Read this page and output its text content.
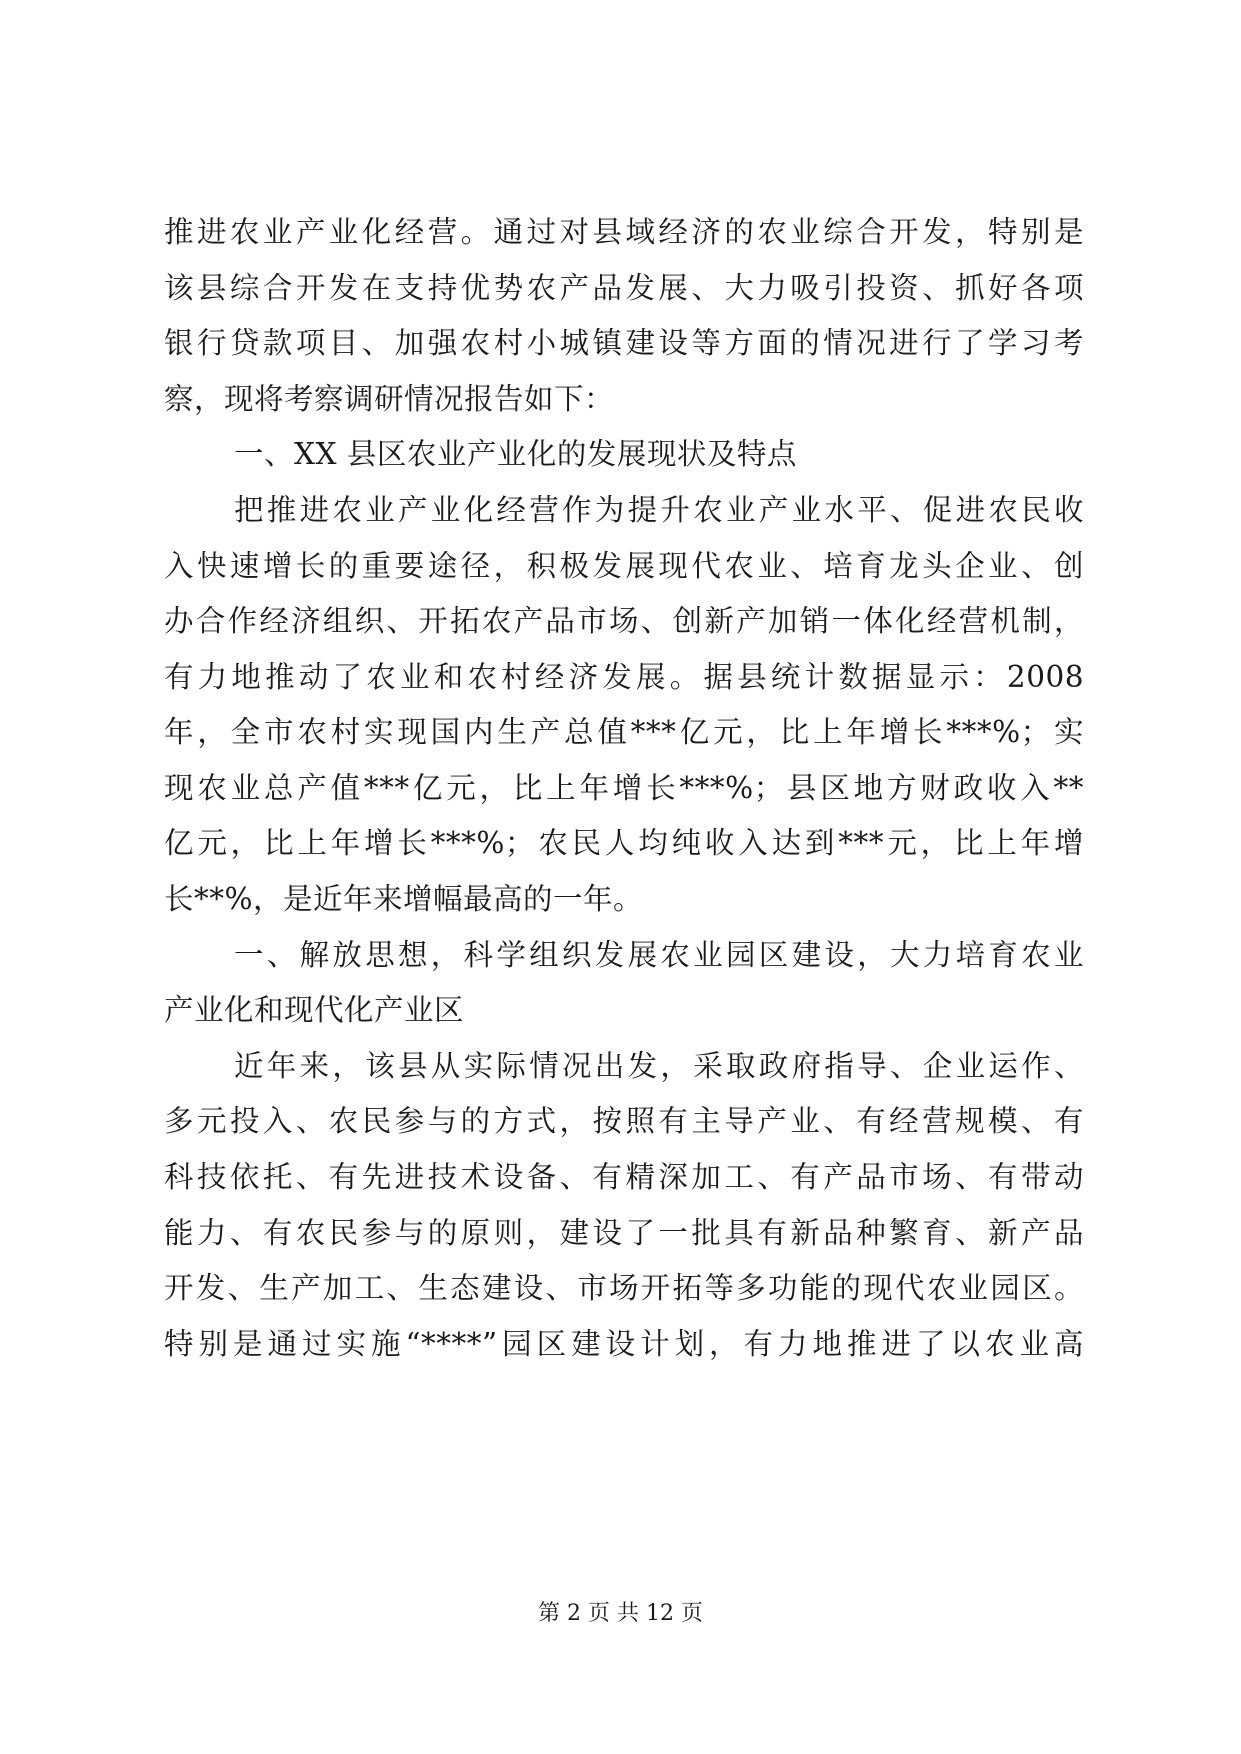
推进农业产业化经营。通过对县域经济的农业综合开发，特别是
该县综合开发在支持优势农产品发展、大力吸引投资、抓好各项
银行贷款项目、加强农村小城镇建设等方面的情况进行了学习考
察，现将考察调研情况报告如下：
一、XX 县区农业产业化的发展现状及特点
把推进农业产业化经营作为提升农业产业水平、促进农民收
入快速增长的重要途径，积极发展现代农业、培育龙头企业、创
办合作经济组织、开拓农产品市场、创新产加销一体化经营机制，
有力地推动了农业和农村经济发展。据县统计数据显示：2008
年，全市农村实现国内生产总值***亿元，比上年增长***%；实
现农业总产值***亿元，比上年增长***%；县区地方财政收入**
亿元，比上年增长***%；农民人均纯收入达到***元，比上年增
长**%，是近年来增幅最高的一年。
一、解放思想，科学组织发展农业园区建设，大力培育农业
产业化和现代化产业区
近年来，该县从实际情况出发，采取政府指导、企业运作、
多元投入、农民参与的方式，按照有主导产业、有经营规模、有
科技依托、有先进技术设备、有精深加工、有产品市场、有带动
能力、有农民参与的原则，建设了一批具有新品种繁育、新产品
开发、生产加工、生态建设、市场开拓等多功能的现代农业园区。
特别是通过实施“****”园区建设计划，有力地推进了以农业高
第 2 页 共 12 页
